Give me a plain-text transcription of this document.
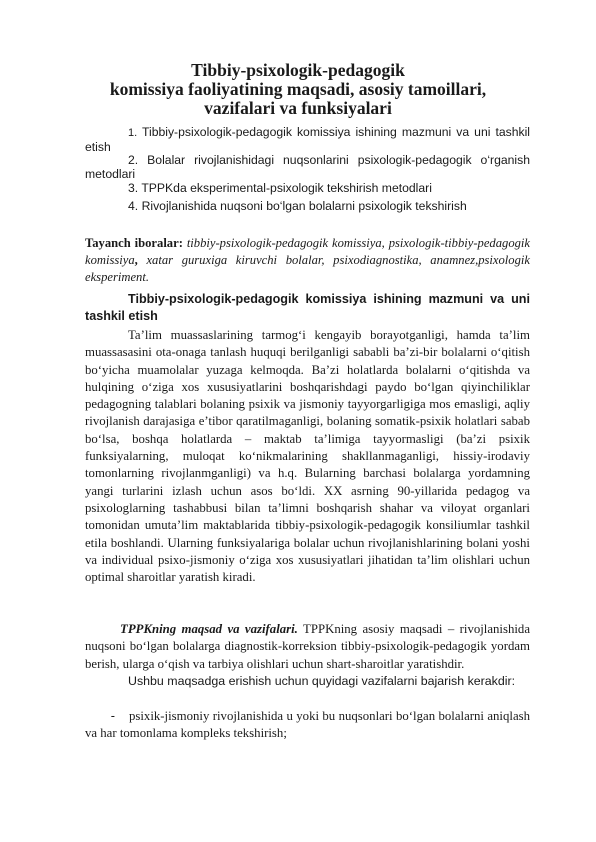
Tibbiy-psixologik-pedagogik
komissiya faoliyatining maqsadi, asosiy tamoillari,
vazifalari va funksiyalari
1. Tibbiy-psixologik-pedagogik komissiya ishining mazmuni va uni tashkil etish
2. Bolalar rivojlanishidagi nuqsonlarini psixologik-pedagogik o‘rganish metodlari
3. TPPKda eksperimental-psixologik tekshirish metodlari
4. Rivojlanishida nuqsoni bo‘lgan bolalarni psixologik tekshirish
Tayanch iboralar: tibbiy-psixologik-pedagogik komissiya, psixologik-tibbiy-pedagogik komissiya, xatar guruxiga kiruvchi bolalar, psixodiagnostika, anamnez,psixologik eksperiment.
Tibbiy-psixologik-pedagogik komissiya ishining mazmuni va uni tashkil etish
Ta’lim muassaslarining tarmog‘i kengayib borayotganligi, hamda ta’lim muassasasini ota-onaga tanlash huquqi berilganligi sababli ba’zi-bir bolalarni o‘qitish bo‘yicha muamolalar yuzaga kelmoqda. Ba’zi holatlarda bolalarni o‘qitishda va hulqining o‘ziga xos xususiyatlarini boshqarishdagi paydo bo‘lgan qiyinchiliklar pedagogning talablari bolaning psixik va jismoniy tayyorgarligiga mos emasligi, aqliy rivojlanish darajasiga e’tibor qaratilmaganligi, bolaning somatik-psixik holatlari sabab bo‘lsa, boshqa holatlarda – maktab ta’limiga tayyormasligi (ba’zi psixik funksiyalarning, muloqat ko‘nikmalarining shakllanmaganligi, hissiy-irodaviy tomonlarning rivojlanmganligi) va h.q. Bularning barchasi bolalarga yordamning yangi turlarini izlash uchun asos bo‘ldi. XX asrning 90-yillarida pedagog va psixologlarning tashabbusi bilan ta’limni boshqarish shahar va viloyat organlari tomonidan umuta’lim maktablarida tibbiy-psixologik-pedagogik konsiliumlar tashkil etila boshlandi. Ularning funksiyalariga bolalar uchun rivojlanishlarining bolani yoshi va individual psixo-jismoniy o‘ziga xos xususiyatlari jihatidan ta’lim olishlari uchun optimal sharoitlar yaratish kiradi.
TPPKning maqsad va vazifalari. TPPKning asosiy maqsadi – rivojlanishida nuqsoni bo‘lgan bolalarga diagnostik-korreksion tibbiy-psixologik-pedagogik yordam berish, ularga o‘qish va tarbiya olishlari uchun shart-sharoitlar yaratishdir.
Ushbu maqsadga erishish uchun quyidagi vazifalarni bajarish kerakdir:
- psixik-jismoniy rivojlanishida u yoki bu nuqsonlari bo‘lgan bolalarni aniqlash va har tomonlama kompleks tekshirish;
